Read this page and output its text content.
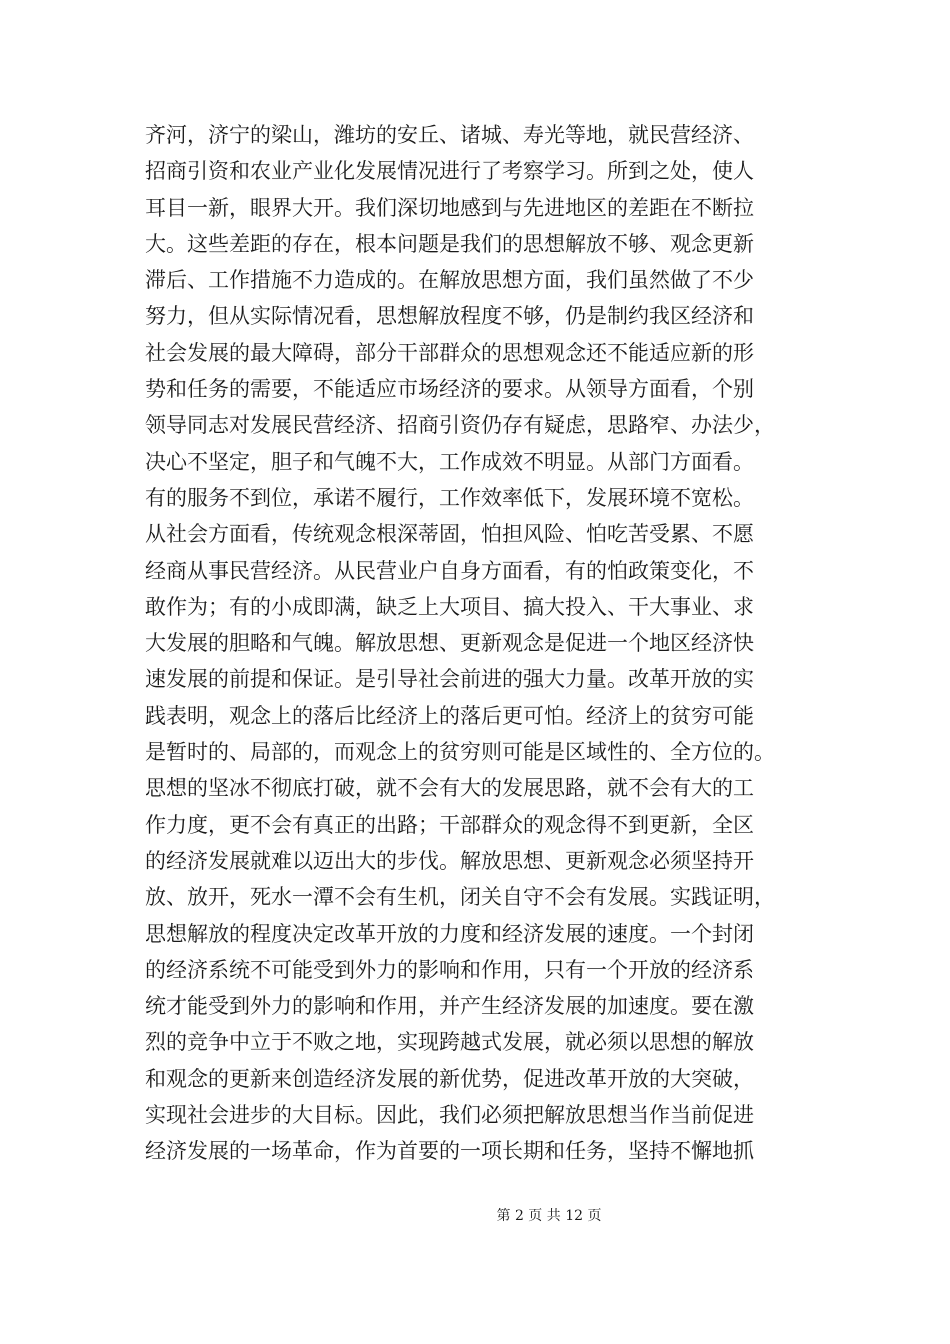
齐河，济宁的梁山，潍坊的安丘、诸城、寿光等地，就民营经济、
招商引资和农业产业化发展情况进行了考察学习。所到之处，使人
耳目一新，眼界大开。我们深切地感到与先进地区的差距在不断拉
大。这些差距的存在，根本问题是我们的思想解放不够、观念更新
滞后、工作措施不力造成的。在解放思想方面，我们虽然做了不少
努力，但从实际情况看，思想解放程度不够，仍是制约我区经济和
社会发展的最大障碍，部分干部群众的思想观念还不能适应新的形
势和任务的需要，不能适应市场经济的要求。从领导方面看，个别
领导同志对发展民营经济、招商引资仍存有疑虑，思路窄、办法少，
决心不坚定，胆子和气魄不大，工作成效不明显。从部门方面看。
有的服务不到位，承诺不履行，工作效率低下，发展环境不宽松。
从社会方面看，传统观念根深蒂固，怕担风险、怕吃苦受累、不愿
经商从事民营经济。从民营业户自身方面看，有的怕政策变化，不
敢作为；有的小成即满，缺乏上大项目、搞大投入、干大事业、求
大发展的胆略和气魄。解放思想、更新观念是促进一个地区经济快
速发展的前提和保证。是引导社会前进的强大力量。改革开放的实
践表明，观念上的落后比经济上的落后更可怕。经济上的贫穷可能
是暂时的、局部的，而观念上的贫穷则可能是区域性的、全方位的。
思想的坚冰不彻底打破，就不会有大的发展思路，就不会有大的工
作力度，更不会有真正的出路；干部群众的观念得不到更新，全区
的经济发展就难以迈出大的步伐。解放思想、更新观念必须坚持开
放、放开，死水一潭不会有生机，闭关自守不会有发展。实践证明，
思想解放的程度决定改革开放的力度和经济发展的速度。一个封闭
的经济系统不可能受到外力的影响和作用，只有一个开放的经济系
统才能受到外力的影响和作用，并产生经济发展的加速度。要在激
烈的竞争中立于不败之地，实现跨越式发展，就必须以思想的解放
和观念的更新来创造经济发展的新优势，促进改革开放的大突破，
实现社会进步的大目标。因此，我们必须把解放思想当作当前促进
经济发展的一场革命，作为首要的一项长期和任务，坚持不懈地抓
第 2 页 共 12 页
